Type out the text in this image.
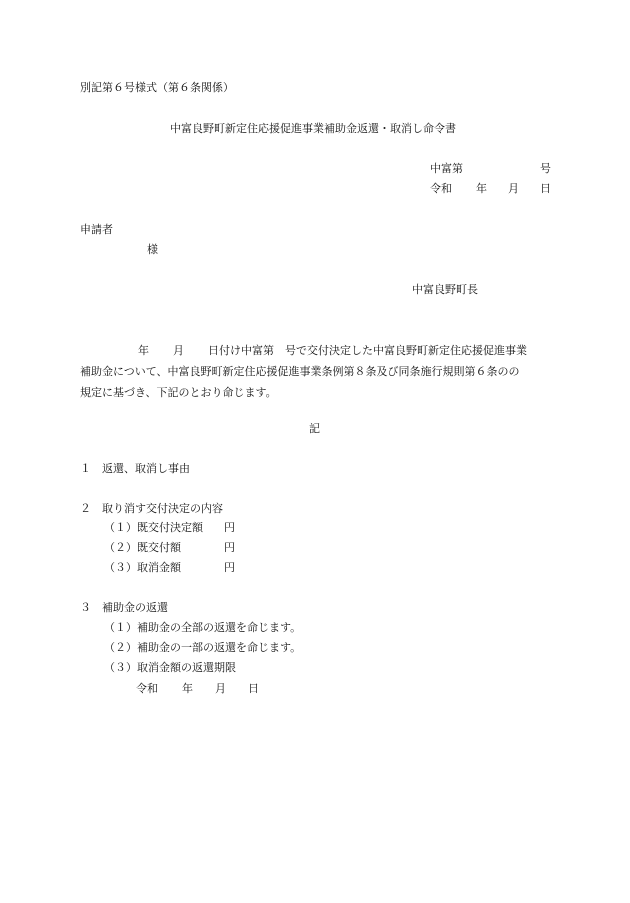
別記第６号様式（第６条関係）
中富良野町新定住応援促進事業補助金返還・取消し命令書
中富第	号
令和 年 月 日
申請者
様
中富良野町長

年 月 日付け中富第　号で交付決定した中富良野町新定住応援促進事業

補助金について、中富良野町新定住応援促進事業条例第８条及び同条施行規則第６条のの

規定に基づき、下記のとおり命じます。

記
１　返還、取消し事由
２　取り消す交付決定の内容
（１）既交付決定額 円
（２）既交付額	円
（３）取消金額	円
３　補助金の返還
（１）補助金の全部の返還を命じます。
（２）補助金の一部の返還を命じます。
（３）取消金額の返還期限
令和 年 月 日
